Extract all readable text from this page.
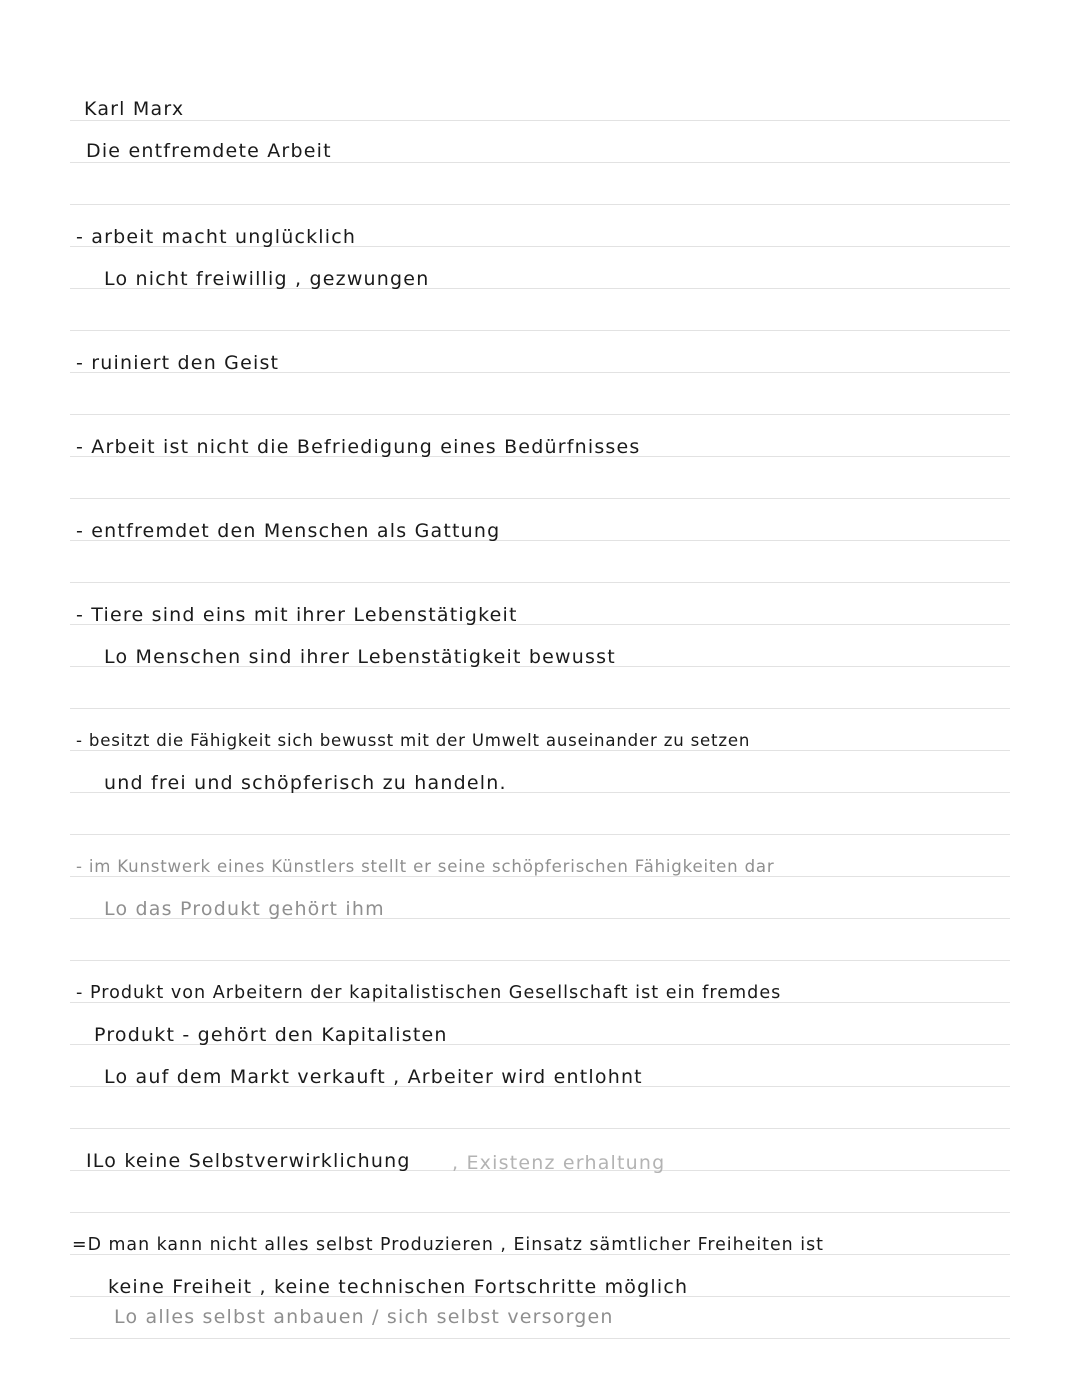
Karl Marx
Die entfremdete Arbeit
- arbeit macht unglücklich
Lo nicht freiwillig , gezwungen
- ruiniert den Geist
- Arbeit ist nicht die Befriedigung eines Bedürfnisses
- entfremdet den Menschen als Gattung
- Tiere sind eins mit ihrer Lebenstätigkeit
Lo Menschen sind ihrer Lebenstätigkeit bewusst
- besitzt die Fähigkeit sich bewusst mit der Umwelt auseinander zu setzen
und frei und schöpferisch zu handeln.
- im Kunstwerk eines Künstlers stellt er seine schöpferischen Fähigkeiten dar
Lo das Produkt gehört ihm
- Produkt von Arbeitern der kapitalistischen Gesellschaft ist ein fremdes
Produkt - gehört den Kapitalisten
Lo auf dem Markt verkauft , Arbeiter wird entlohnt
ILo keine Selbstverwirklichung , Existenz erhaltung
=D man kann nicht alles selbst Produzieren , Einsatz sämtlicher Freiheiten ist
keine Freiheit , keine technischen Fortschritte möglich
Lo alles selbst anbauen / sich selbst versorgen
